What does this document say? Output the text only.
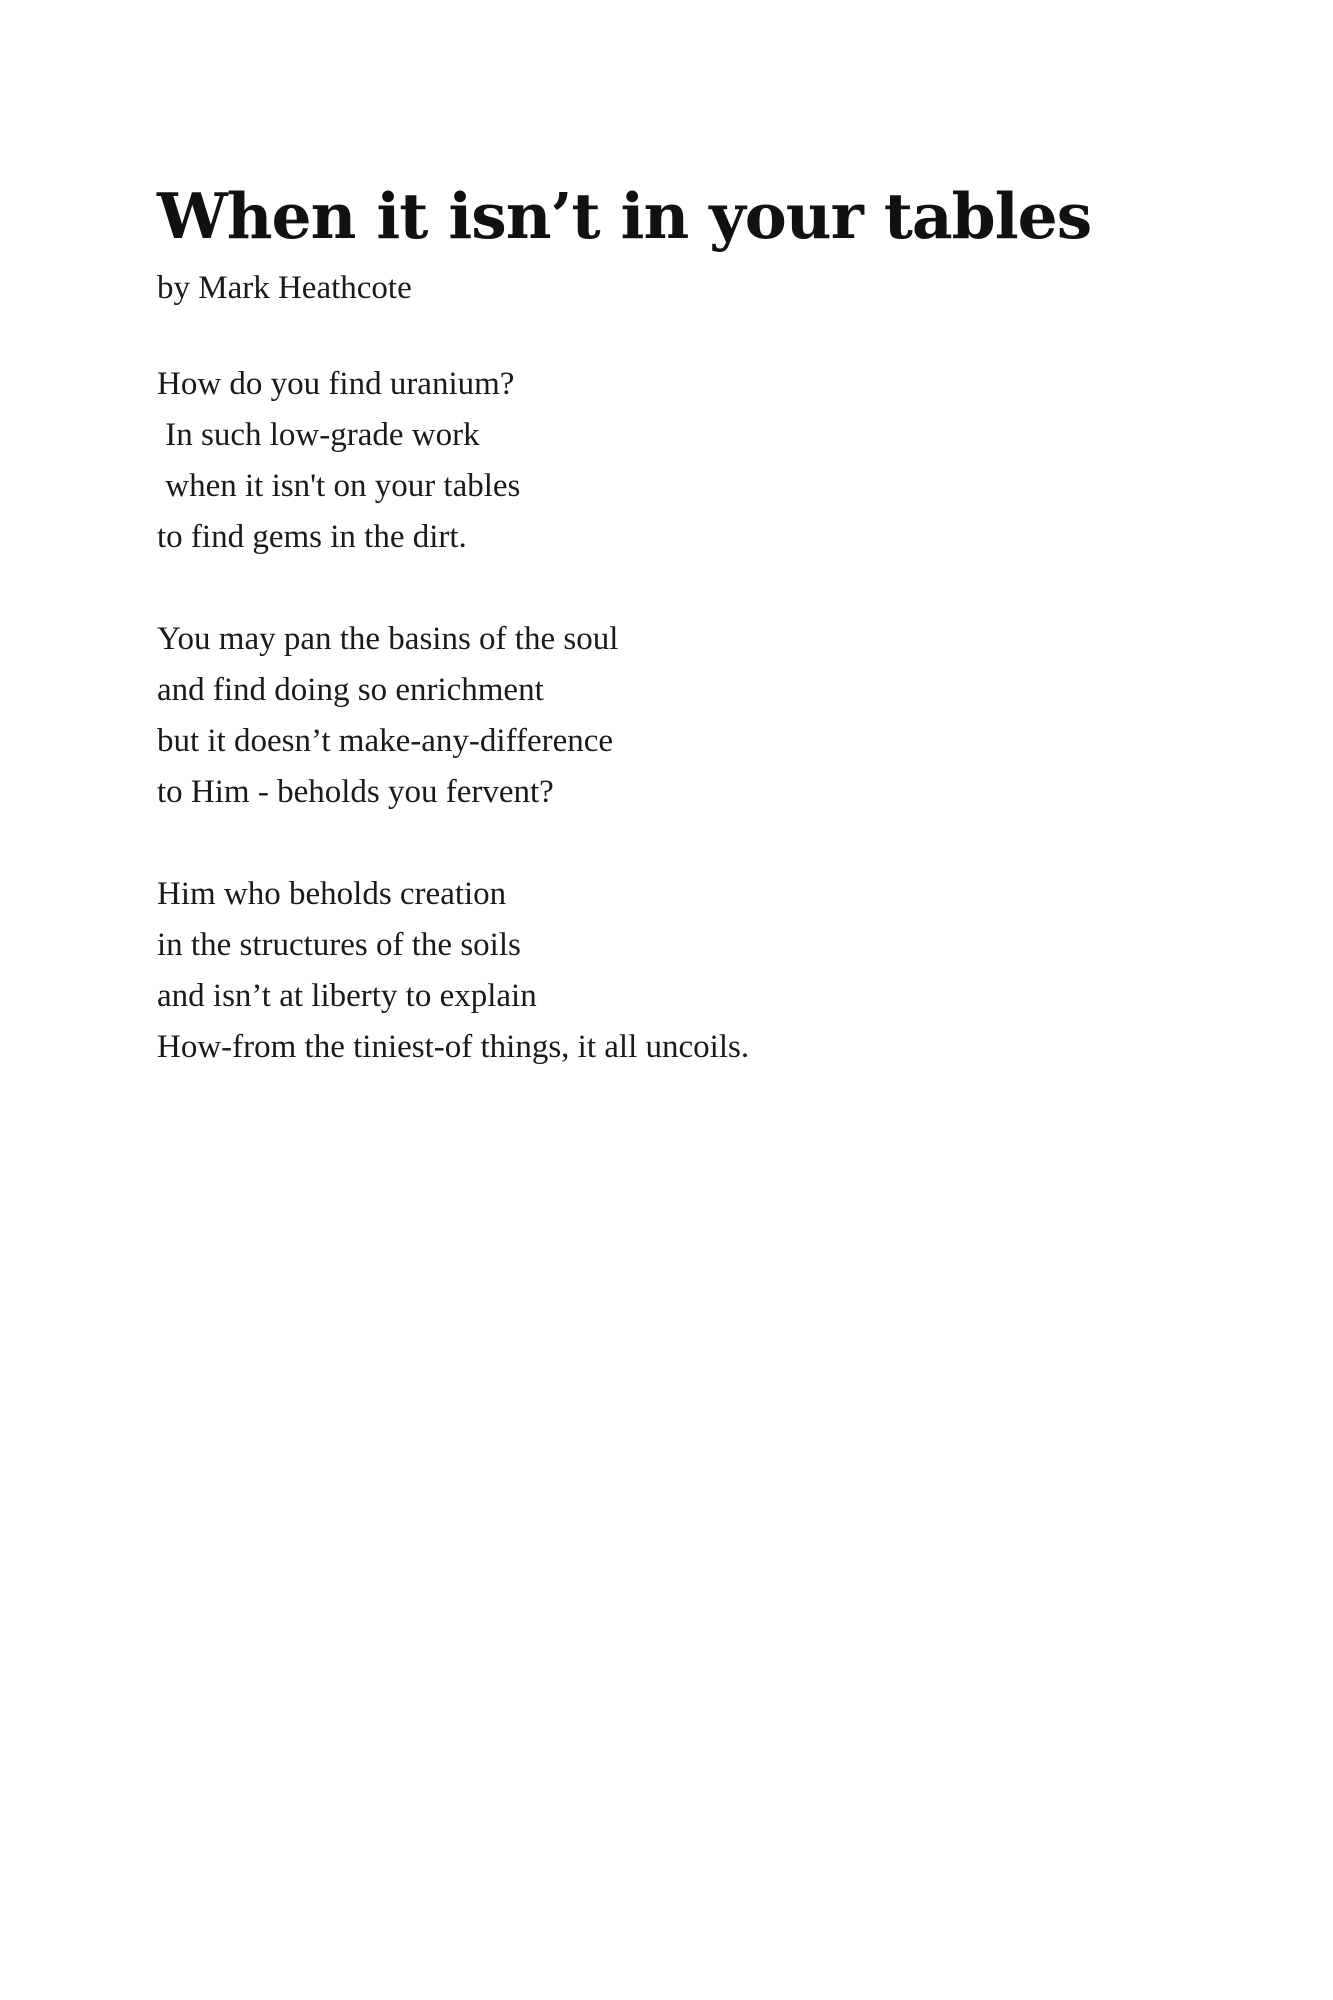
When it isn’t in your tables
by Mark Heathcote
How do you find uranium?
In such low-grade work
when it isn't on your tables
to find gems in the dirt.
You may pan the basins of the soul
and find doing so enrichment
but it doesn’t make-any-difference
to Him - beholds you fervent?
Him who beholds creation
in the structures of the soils
and isn’t at liberty to explain
How-from the tiniest-of things, it all uncoils.
